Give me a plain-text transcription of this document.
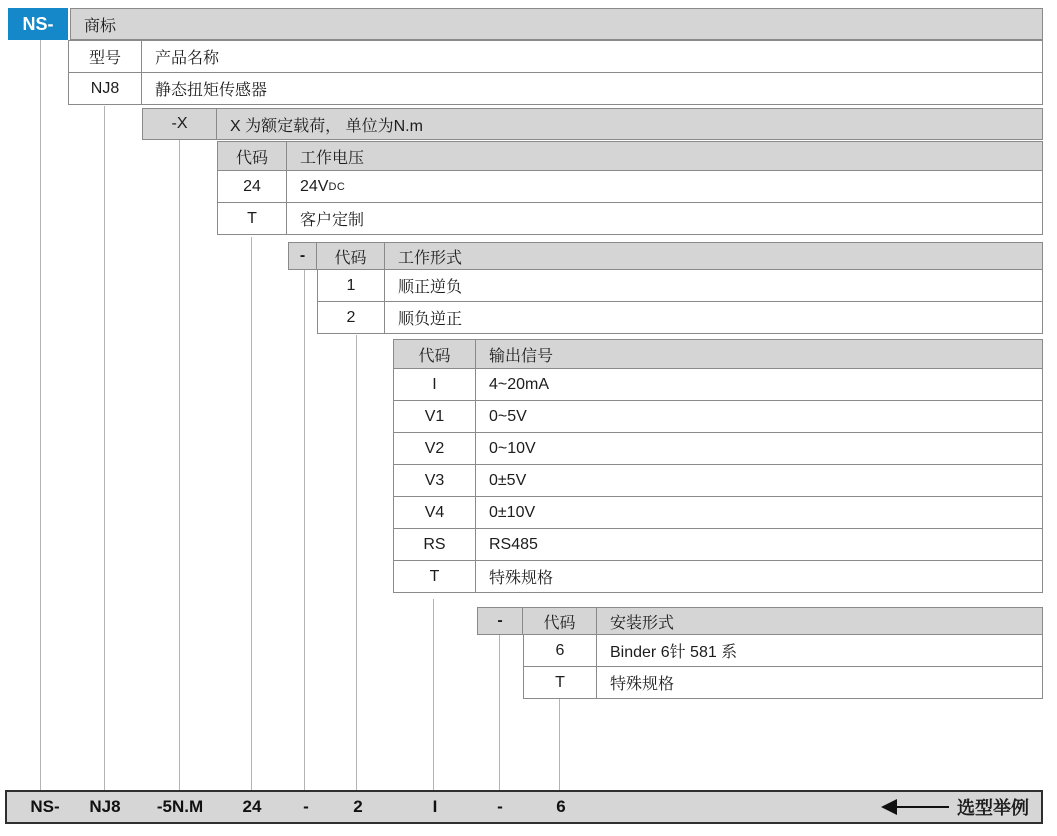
NS- 商标
型号 产品名称
NJ8 静态扭矩传感器
-X	X 为额定载荷， 单位为N.m
代码 工作电压
24 24V DC
T	客户定制
- 代码 工作形式
1	顺正逆负
2	顺负逆正
代码 输出信号
I	4~20mA
V1	0~5V
V2	0~10V
V3	0±5V
V4	0±10V
RS	RS485
T	特殊规格
-	代码 安装形式
6	Binder 6针 581 系
T	特殊规格
NS- NJ8 -5N.M 24 -	2	I	-	6	选型举例
